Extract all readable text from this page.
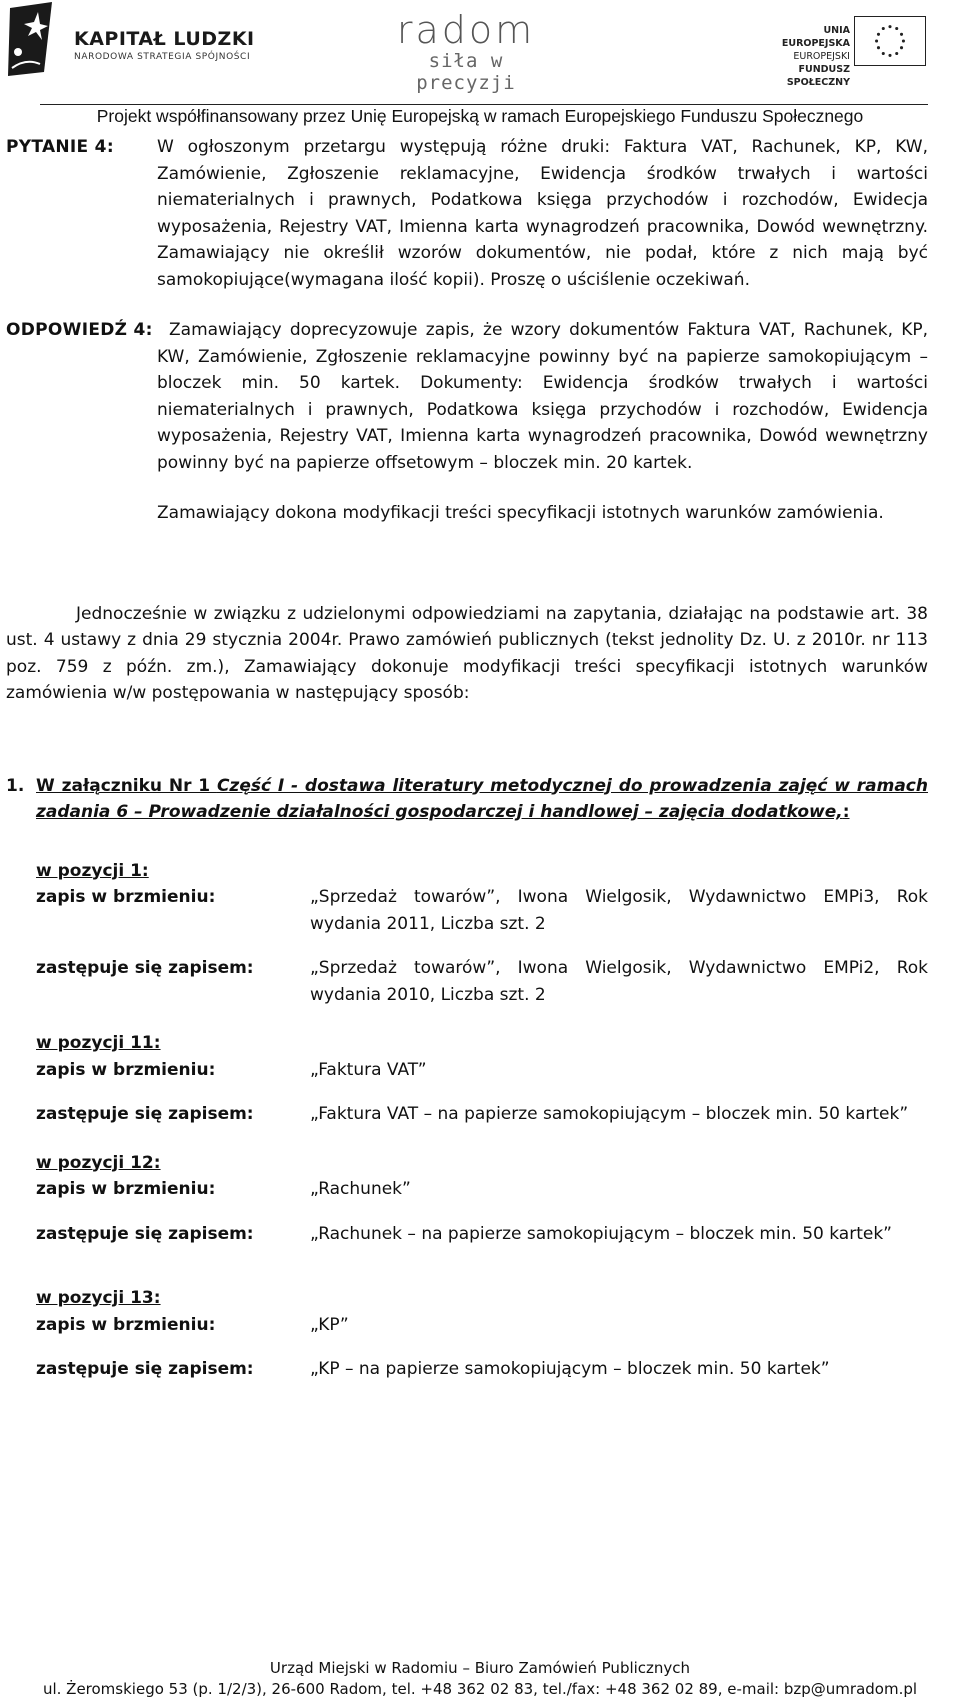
KAPITAŁ LUDZKI
NARODOWA STRATEGIA SPÓJNOŚCI
radom
siła w precyzji
UNIA EUROPEJSKA
EUROPEJSKI
FUNDUSZ SPOŁECZNY
Projekt współfinansowany przez Unię Europejską w ramach Europejskiego Funduszu Społecznego
PYTANIE 4:	W ogłoszonym przetargu występują różne druki: Faktura VAT, Rachunek, KP, KW, Zamówienie, Zgłoszenie reklamacyjne, Ewidencja środków trwałych i wartości niematerialnych i prawnych, Podatkowa księga przychodów i rozchodów, Ewidecja wyposażenia, Rejestry VAT, Imienna karta wynagrodzeń pracownika, Dowód wewnętrzny. Zamawiający nie określił wzorów dokumentów, nie podał, które z nich mają być samokopiujące(wymagana ilość kopii). Proszę o uściślenie oczekiwań.
ODPOWIEDŹ 4: Zamawiający doprecyzowuje zapis, że wzory dokumentów Faktura VAT, Rachunek, KP, KW, Zamówienie, Zgłoszenie reklamacyjne powinny być na papierze samokopiującym – bloczek min. 50 kartek. Dokumenty: Ewidencja środków trwałych i wartości niematerialnych i prawnych, Podatkowa księga przychodów i rozchodów, Ewidencja wyposażenia, Rejestry VAT, Imienna karta wynagrodzeń pracownika, Dowód wewnętrzny powinny być na papierze offsetowym – bloczek min. 20 kartek.

Zamawiający dokona modyfikacji treści specyfikacji istotnych warunków zamówienia.

Jednocześnie w związku z udzielonymi odpowiedziami na zapytania, działając na podstawie art. 38 ust. 4 ustawy z dnia 29 stycznia 2004r. Prawo zamówień publicznych (tekst jednolity Dz. U. z 2010r. nr 113 poz. 759 z późn. zm.), Zamawiający dokonuje modyfikacji treści specyfikacji istotnych warunków zamówienia w/w postępowania w następujący sposób:

1. W załączniku Nr 1 Część I - dostawa literatury metodycznej do prowadzenia zajęć w ramach zadania 6 – Prowadzenie działalności gospodarczej i handlowej – zajęcia dodatkowe,:
w pozycji 1:
zapis w brzmieniu:	„Sprzedaż towarów”, Iwona Wielgosik, Wydawnictwo EMPi3, Rok wydania 2011, Liczba szt. 2
zastępuje się zapisem:	„Sprzedaż towarów”, Iwona Wielgosik, Wydawnictwo EMPi2, Rok wydania 2010, Liczba szt. 2
w pozycji 11:
zapis w brzmieniu:	„Faktura VAT”
zastępuje się zapisem:	„Faktura VAT – na papierze samokopiującym – bloczek min. 50 kartek”
w pozycji 12:
zapis w brzmieniu:	„Rachunek”
zastępuje się zapisem:	„Rachunek – na papierze samokopiującym – bloczek min. 50 kartek”
w pozycji 13:
zapis w brzmieniu:	„KP”
zastępuje się zapisem:	„KP – na papierze samokopiującym – bloczek min. 50 kartek”
Urząd Miejski w Radomiu – Biuro Zamówień Publicznych
ul. Żeromskiego 53 (p. 1/2/3), 26-600 Radom, tel. +48 362 02 83, tel./fax: +48 362 02 89, e-mail: bzp@umradom.pl
